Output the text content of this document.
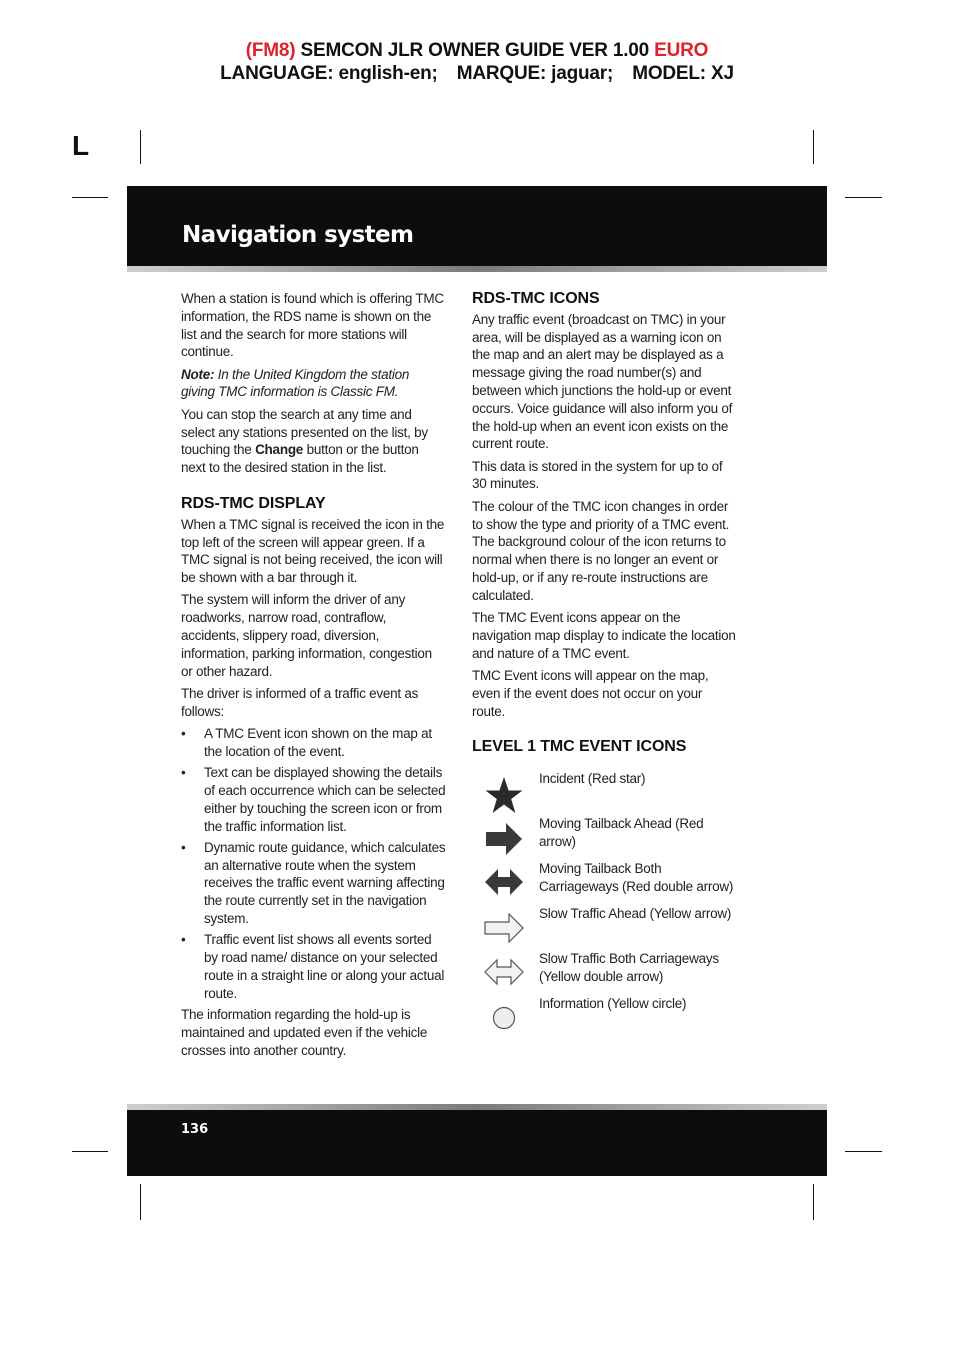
(FM8) SEMCON JLR OWNER GUIDE VER 1.00 EURO
LANGUAGE: english-en; MARQUE: jaguar; MODEL: XJ
L
Navigation system

When a station is found which is offering TMC information, the RDS name is shown on the list and the search for more stations will continue.

Note: In the United Kingdom the station giving TMC information is Classic FM.

You can stop the search at any time and select any stations presented on the list, by touching the Change button or the button next to the desired station in the list.

RDS-TMC DISPLAY

When a TMC signal is received the icon in the top left of the screen will appear green. If a TMC signal is not being received, the icon will be shown with a bar through it.

The system will inform the driver of any roadworks, narrow road, contraflow, accidents, slippery road, diversion, information, parking information, congestion or other hazard.

The driver is informed of a traffic event as follows:

• A TMC Event icon shown on the map at the location of the event.
• Text can be displayed showing the details of each occurrence which can be selected either by touching the screen icon or from the traffic information list.
• Dynamic route guidance, which calculates an alternative route when the system receives the traffic event warning affecting the route currently set in the navigation system.
• Traffic event list shows all events sorted by road name/ distance on your selected route in a straight line or along your actual route.

The information regarding the hold-up is maintained and updated even if the vehicle crosses into another country.

RDS-TMC ICONS

Any traffic event (broadcast on TMC) in your area, will be displayed as a warning icon on the map and an alert may be displayed as a message giving the road number(s) and between which junctions the hold-up or event occurs. Voice guidance will also inform you of the hold-up when an event icon exists on the current route.

This data is stored in the system for up to of 30 minutes.

The colour of the TMC icon changes in order to show the type and priority of a TMC event. The background colour of the icon returns to normal when there is no longer an event or hold-up, or if any re-route instructions are calculated.

The TMC Event icons appear on the navigation map display to indicate the location and nature of a TMC event.

TMC Event icons will appear on the map, even if the event does not occur on your route.

LEVEL 1 TMC EVENT ICONS
Incident (Red star)
Moving Tailback Ahead (Red arrow)
Moving Tailback Both Carriageways (Red double arrow)
Slow Traffic Ahead (Yellow arrow)
Slow Traffic Both Carriageways (Yellow double arrow)
Information (Yellow circle)
136
